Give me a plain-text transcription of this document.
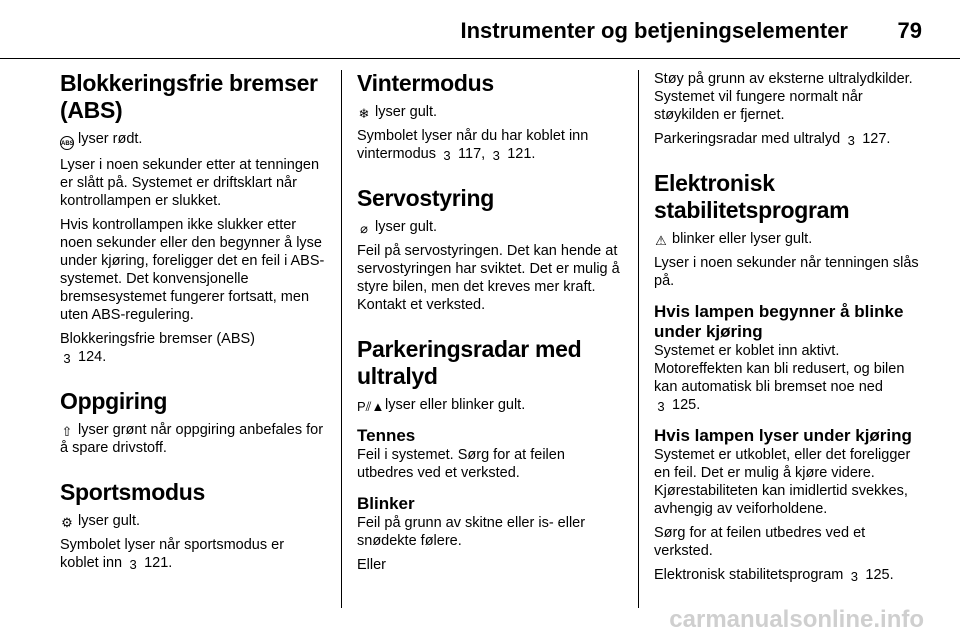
Instrumenter og betjeningselementer 79
Blokkeringsfrie bremser (ABS)

ABS lyser rødt.

Lyser i noen sekunder etter at tenningen er slått på. Systemet er driftsklart når kontrollampen er slukket.

Hvis kontrollampen ikke slukker etter noen sekunder eller den begynner å lyse under kjøring, foreligger det en feil i ABS-systemet. Det konvensjonelle bremsesystemet fungerer fortsatt, men uten ABS-regulering.

Blokkeringsfrie bremser (ABS)
3 124.

Oppgiring

⇧ lyser grønt når oppgiring anbefales for å spare drivstoff.

Sportsmodus

⚙ lyser gult.

Symbolet lyser når sportsmodus er koblet inn 3 121.

Vintermodus

❄ lyser gult.

Symbolet lyser når du har koblet inn vintermodus 3 117, 3 121.

Servostyring

⌀ lyser gult.

Feil på servostyringen. Det kan hende at servostyringen har sviktet. Det er mulig å styre bilen, men det kreves mer kraft. Kontakt et verksted.

Parkeringsradar med ultralyd

P⫽▲lyser eller blinker gult.

Tennes

Feil i systemet. Sørg for at feilen utbedres ved et verksted.

Blinker

Feil på grunn av skitne eller is- eller snødekte følere.

Eller

Støy på grunn av eksterne ultralydkilder. Systemet vil fungere normalt når støykilden er fjernet.

Parkeringsradar med ultralyd 3 127.

Elektronisk stabilitetsprogram

⚠ blinker eller lyser gult.

Lyser i noen sekunder når tenningen slås på.

Hvis lampen begynner å blinke under kjøring

Systemet er koblet inn aktivt. Motoreffekten kan bli redusert, og bilen kan automatisk bli bremset noe ned
3 125.

Hvis lampen lyser under kjøring

Systemet er utkoblet, eller det foreligger en feil. Det er mulig å kjøre videre. Kjørestabiliteten kan imidlertid svekkes, avhengig av veiforholdene.

Sørg for at feilen utbedres ved et verksted.

Elektronisk stabilitetsprogram 3 125.

carmanualsonline.info
